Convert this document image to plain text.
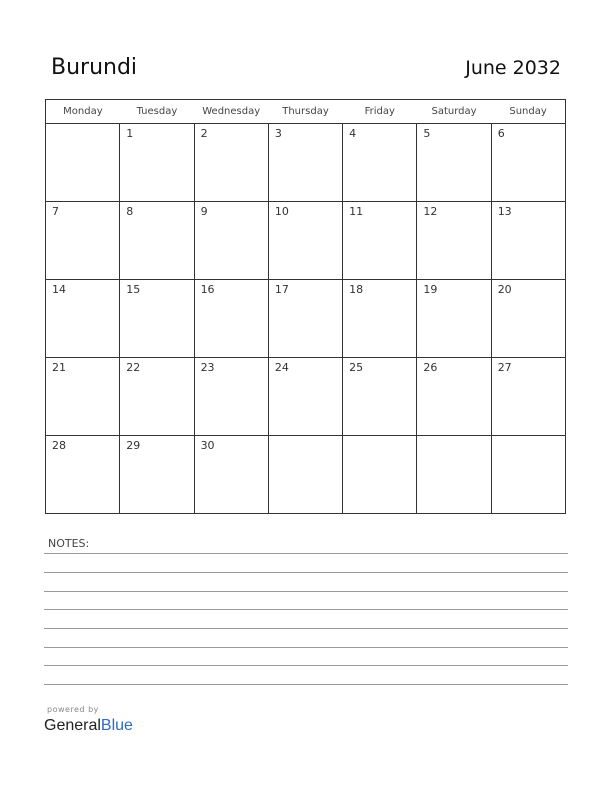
Burundi	June 2032
Monday	Tuesday	Wednesday	Thursday	Friday	Saturday	Sunday
	1	2	3	4	5	6
7	8	9	10	11	12	13
14	15	16	17	18	19	20
21	22	23	24	25	26	27
28	29	30				
NOTES:
powered by
GeneralBlue
